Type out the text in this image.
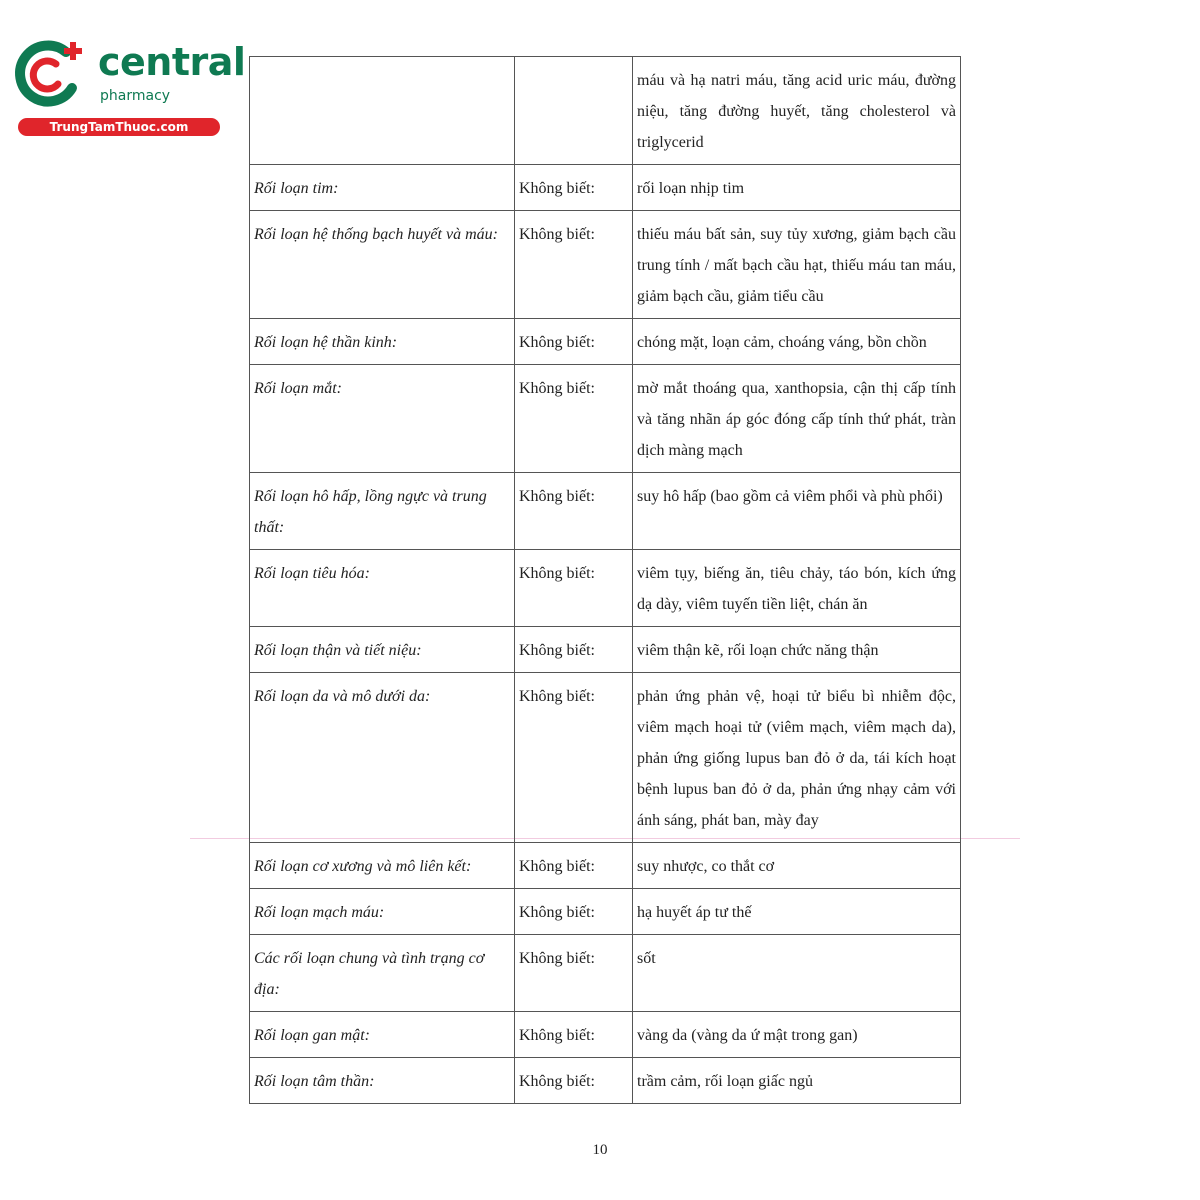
central
pharmacy
TrungTamThuoc.com
		máu và hạ natri máu, tăng acid uric máu, đường niệu, tăng đường huyết, tăng cholesterol và triglycerid
Rối loạn tim:	Không biết:	rối loạn nhịp tim
Rối loạn hệ thống bạch huyết và máu:	Không biết:	thiếu máu bất sản, suy tủy xương, giảm bạch cầu trung tính / mất bạch cầu hạt, thiếu máu tan máu, giảm bạch cầu, giảm tiểu cầu
Rối loạn hệ thần kinh:	Không biết:	chóng mặt, loạn cảm, choáng váng, bồn chồn
Rối loạn mắt:	Không biết:	mờ mắt thoáng qua, xanthopsia, cận thị cấp tính và tăng nhãn áp góc đóng cấp tính thứ phát, tràn dịch màng mạch
Rối loạn hô hấp, lồng ngực và trung thất:	Không biết:	suy hô hấp (bao gồm cả viêm phổi và phù phổi)
Rối loạn tiêu hóa:	Không biết:	viêm tụy, biếng ăn, tiêu chảy, táo bón, kích ứng dạ dày, viêm tuyến tiền liệt, chán ăn
Rối loạn thận và tiết niệu:	Không biết:	viêm thận kẽ, rối loạn chức năng thận
Rối loạn da và mô dưới da:	Không biết:	phản ứng phản vệ, hoại tử biểu bì nhiễm độc, viêm mạch hoại tử (viêm mạch, viêm mạch da), phản ứng giống lupus ban đỏ ở da, tái kích hoạt bệnh lupus ban đỏ ở da, phản ứng nhạy cảm với ánh sáng, phát ban, mày đay
Rối loạn cơ xương và mô liên kết:	Không biết:	suy nhược, co thắt cơ
Rối loạn mạch máu:	Không biết:	hạ huyết áp tư thế
Các rối loạn chung và tình trạng cơ địa:	Không biết:	sốt
Rối loạn gan mật:	Không biết:	vàng da (vàng da ứ mật trong gan)
Rối loạn tâm thần:	Không biết:	trầm cảm, rối loạn giấc ngủ
10
